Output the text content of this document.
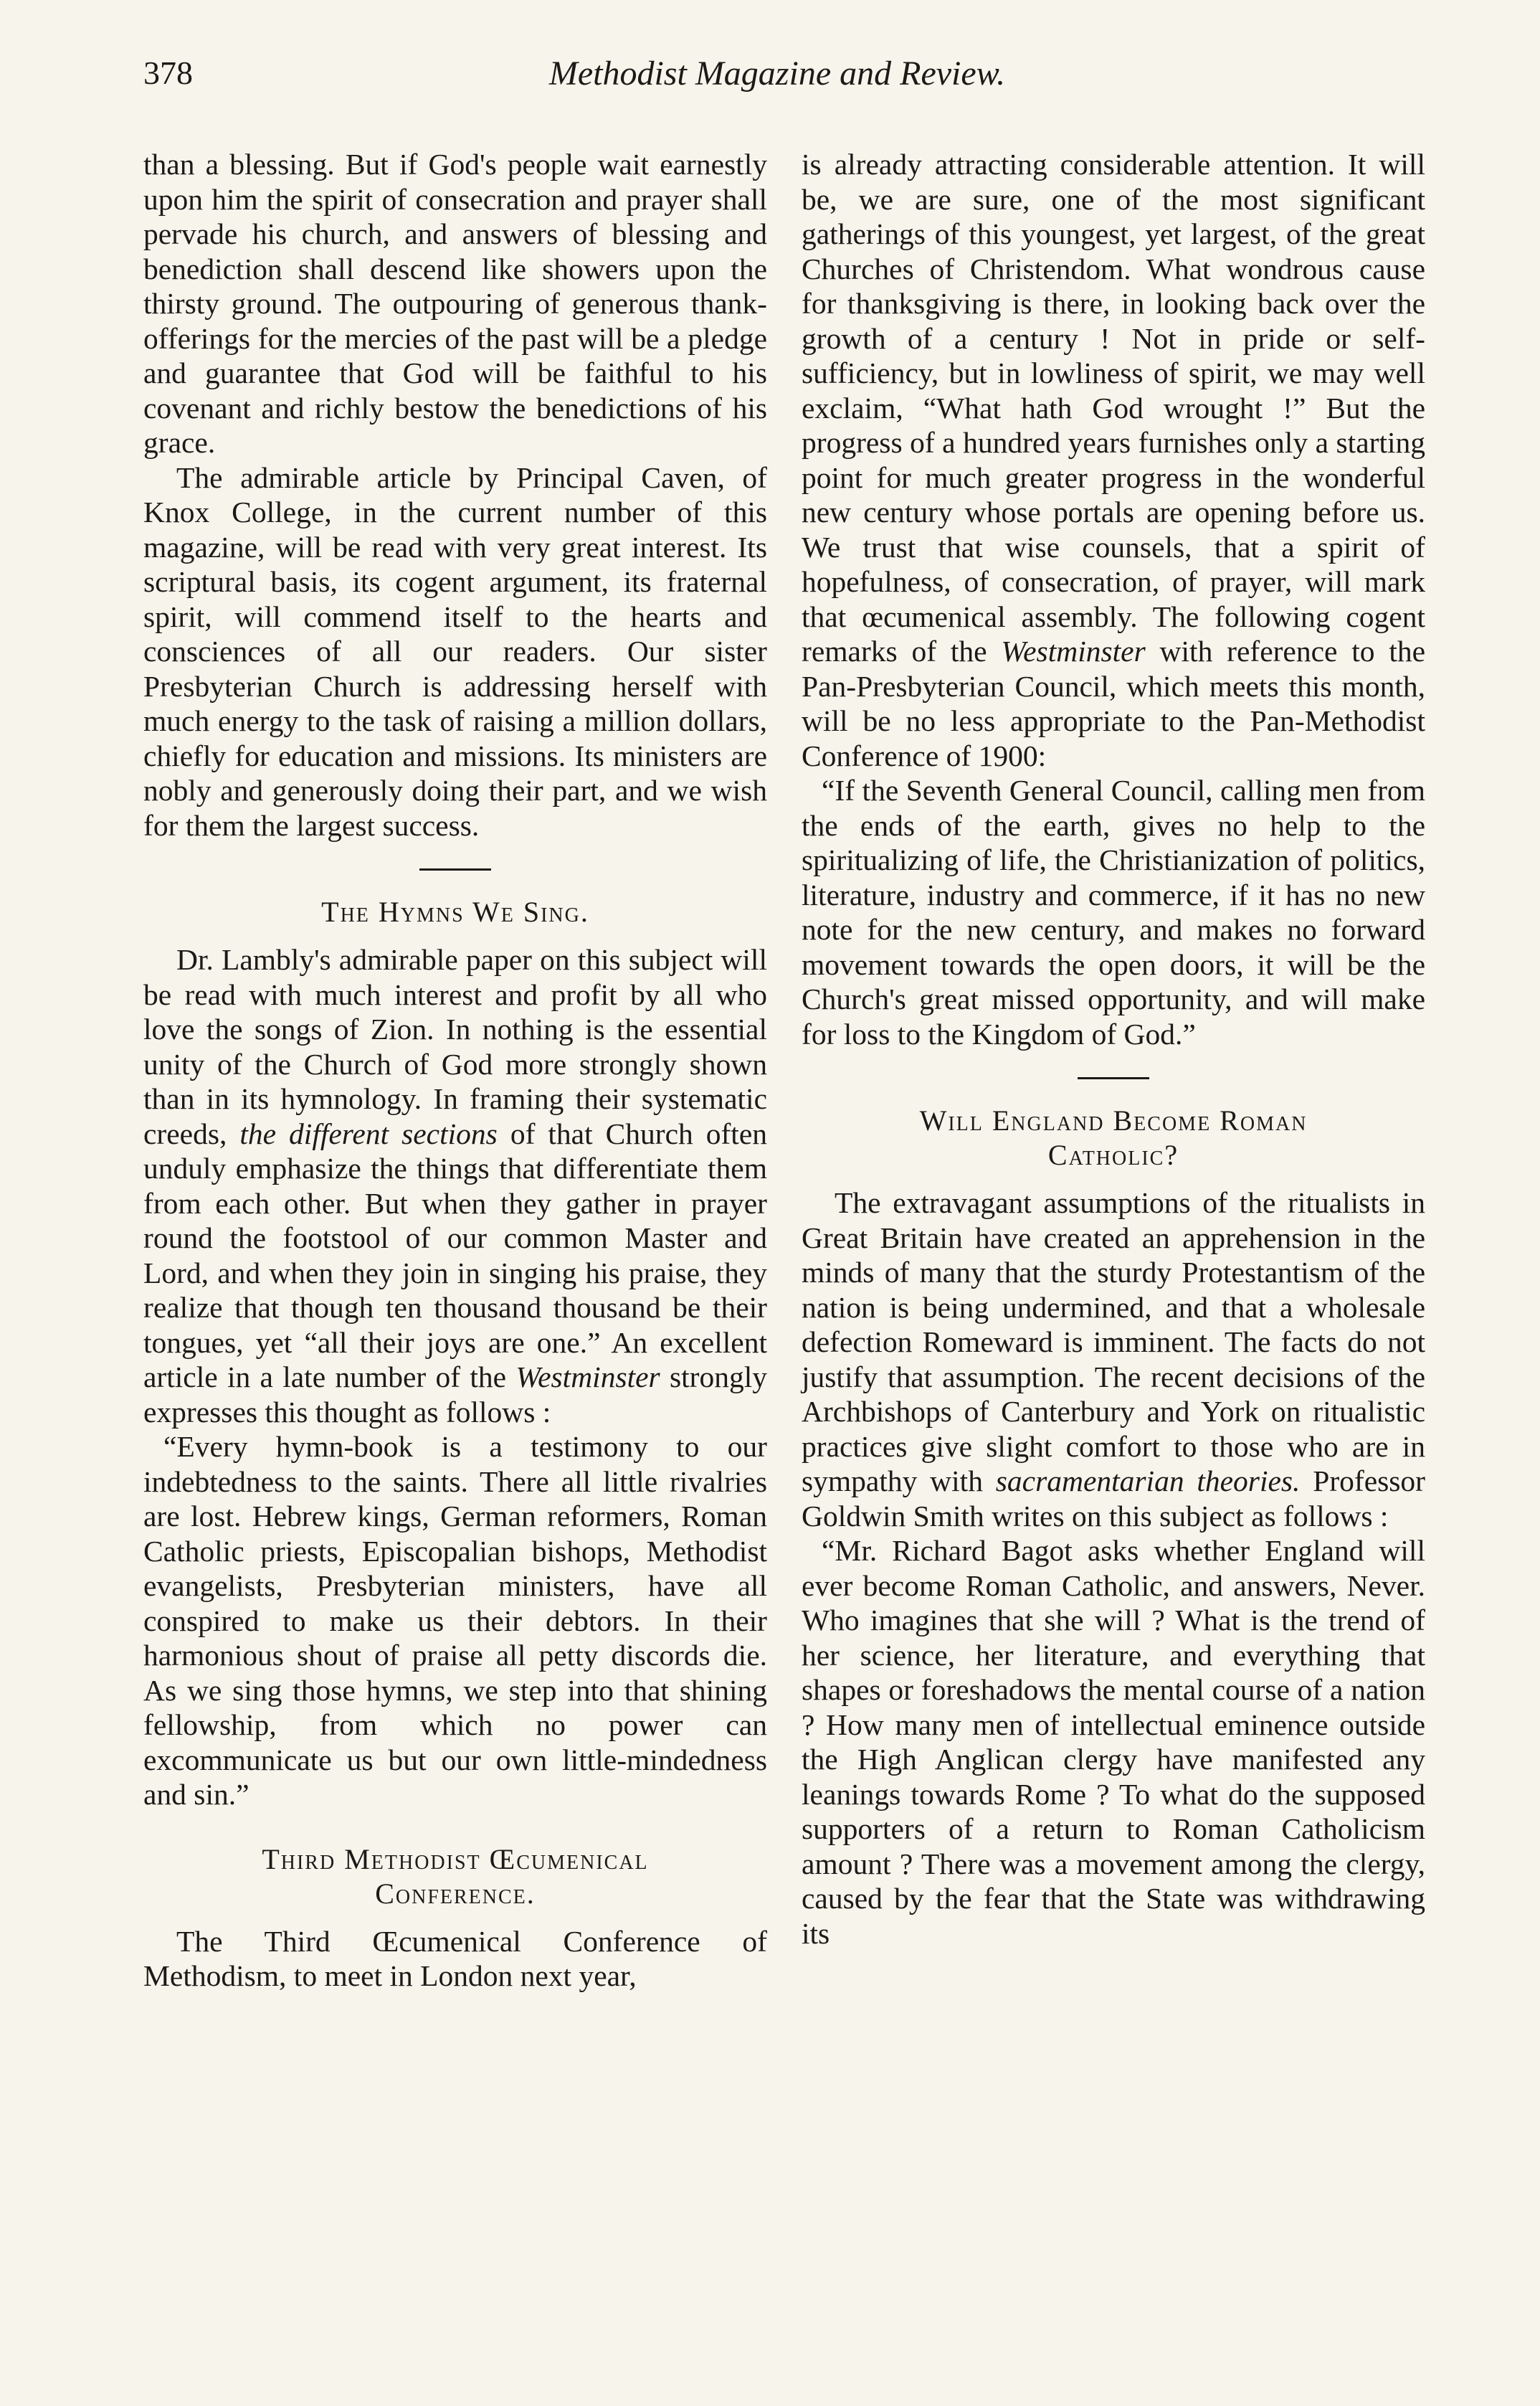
378	Methodist Magazine and Review.

than a blessing. But if God's people wait earnestly upon him the spirit of consecration and prayer shall pervade his church, and answers of blessing and benediction shall descend like showers upon the thirsty ground. The outpouring of generous thank-offerings for the mercies of the past will be a pledge and guarantee that God will be faithful to his covenant and richly bestow the benedictions of his grace.

The admirable article by Principal Caven, of Knox College, in the current number of this magazine, will be read with very great interest. Its scriptural basis, its cogent argument, its fraternal spirit, will commend itself to the hearts and consciences of all our readers. Our sister Presbyterian Church is addressing herself with much energy to the task of raising a million dollars, chiefly for education and missions. Its ministers are nobly and generously doing their part, and we wish for them the largest success.

The Hymns We Sing.

Dr. Lambly's admirable paper on this subject will be read with much interest and profit by all who love the songs of Zion. In nothing is the essential unity of the Church of God more strongly shown than in its hymnology. In framing their systematic creeds, the different sections of that Church often unduly emphasize the things that differentiate them from each other. But when they gather in prayer round the footstool of our common Master and Lord, and when they join in singing his praise, they realize that though ten thousand thousand be their tongues, yet “all their joys are one.” An excellent article in a late number of the Westminster strongly expresses this thought as follows :

“Every hymn-book is a testimony to our indebtedness to the saints. There all little rivalries are lost. Hebrew kings, German reformers, Roman Catholic priests, Episcopalian bishops, Methodist evangelists, Presbyterian ministers, have all conspired to make us their debtors. In their harmonious shout of praise all petty discords die. As we sing those hymns, we step into that shining fellowship, from which no power can excommunicate us but our own little-mindedness and sin.”

Third Methodist Œcumenical
Conference.

The Third Œcumenical Conference of Methodism, to meet in London next year,

is already attracting considerable attention. It will be, we are sure, one of the most significant gatherings of this youngest, yet largest, of the great Churches of Christendom. What wondrous cause for thanksgiving is there, in looking back over the growth of a century ! Not in pride or self-sufficiency, but in lowliness of spirit, we may well exclaim, “What hath God wrought !” But the progress of a hundred years furnishes only a starting point for much greater progress in the wonderful new century whose portals are opening before us. We trust that wise counsels, that a spirit of hopefulness, of consecration, of prayer, will mark that œcumenical assembly. The following cogent remarks of the Westminster with reference to the Pan-Presbyterian Council, which meets this month, will be no less appropriate to the Pan-Methodist Conference of 1900:

“If the Seventh General Council, calling men from the ends of the earth, gives no help to the spiritualizing of life, the Christianization of politics, literature, industry and commerce, if it has no new note for the new century, and makes no forward movement towards the open doors, it will be the Church's great missed opportunity, and will make for loss to the Kingdom of God.”

Will England Become Roman
Catholic?

The extravagant assumptions of the ritualists in Great Britain have created an apprehension in the minds of many that the sturdy Protestantism of the nation is being undermined, and that a wholesale defection Romeward is imminent. The facts do not justify that assumption. The recent decisions of the Archbishops of Canterbury and York on ritualistic practices give slight comfort to those who are in sympathy with sacramentarian theories. Professor Goldwin Smith writes on this subject as follows :

“Mr. Richard Bagot asks whether England will ever become Roman Catholic, and answers, Never. Who imagines that she will ? What is the trend of her science, her literature, and everything that shapes or foreshadows the mental course of a nation ? How many men of intellectual eminence outside the High Anglican clergy have manifested any leanings towards Rome ? To what do the supposed supporters of a return to Roman Catholicism amount ? There was a movement among the clergy, caused by the fear that the State was withdrawing its
